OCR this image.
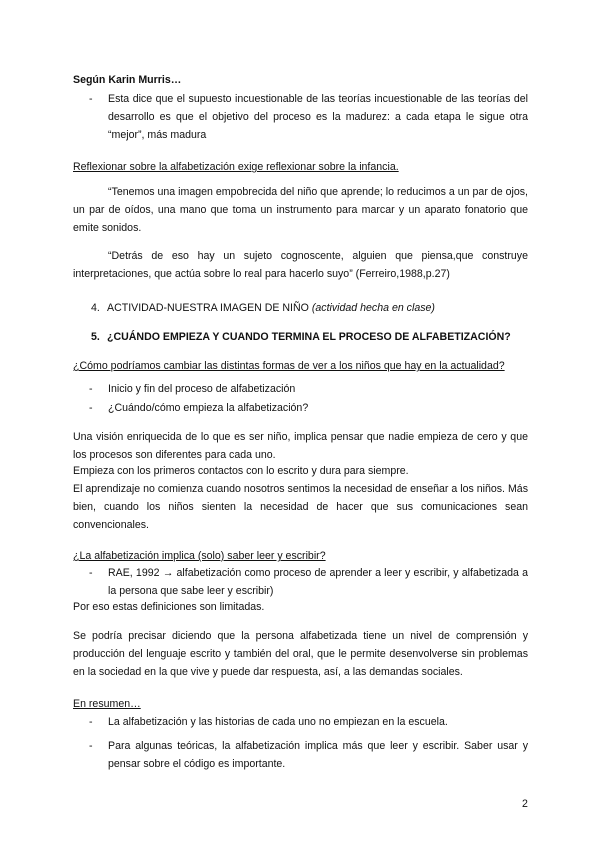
Según Karin Murris…

- Esta dice que el supuesto incuestionable de las teorías incuestionable de las teorías del desarrollo es que el objetivo del proceso es la madurez: a cada etapa le sigue otra “mejor”, más madura

Reflexionar sobre la alfabetización exige reflexionar sobre la infancia.

“Tenemos una imagen empobrecida del niño que aprende; lo reducimos a un par de ojos, un par de oídos, una mano que toma un instrumento para marcar y un aparato fonatorio que emite sonidos.

“Detrás de eso hay un sujeto cognoscente, alguien que piensa,que construye interpretaciones, que actúa sobre lo real para hacerlo suyo” (Ferreiro,1988,p.27)

4. ACTIVIDAD-NUESTRA IMAGEN DE NIÑO (actividad hecha en clase)
5. ¿CUÁNDO EMPIEZA Y CUANDO TERMINA EL PROCESO DE ALFABETIZACIÓN?

¿Cómo podríamos cambiar las distintas formas de ver a los niños que hay en la actualidad?

- Inicio y fin del proceso de alfabetización
- ¿Cuándo/cómo empieza la alfabetización?

Una visión enriquecida de lo que es ser niño, implica pensar que nadie empieza de cero y que los procesos son diferentes para cada uno.

Empieza con los primeros contactos con lo escrito y dura para siempre.

El aprendizaje no comienza cuando nosotros sentimos la necesidad de enseñar a los niños. Más bien, cuando los niños sienten la necesidad de hacer que sus comunicaciones sean convencionales.

¿La alfabetización implica (solo) saber leer y escribir?

- RAE, 1992 → alfabetización como proceso de aprender a leer y escribir, y alfabetizada a la persona que sabe leer y escribir)

Por eso estas definiciones son limitadas.

Se podría precisar diciendo que la persona alfabetizada tiene un nivel de comprensión y producción del lenguaje escrito y también del oral, que le permite desenvolverse sin problemas en la sociedad en la que vive y puede dar respuesta, así, a las demandas sociales.

En resumen…

- La alfabetización y las historias de cada uno no empiezan en la escuela.
- Para algunas teóricas, la alfabetización implica más que leer y escribir. Saber usar y pensar sobre el código es importante.
2
